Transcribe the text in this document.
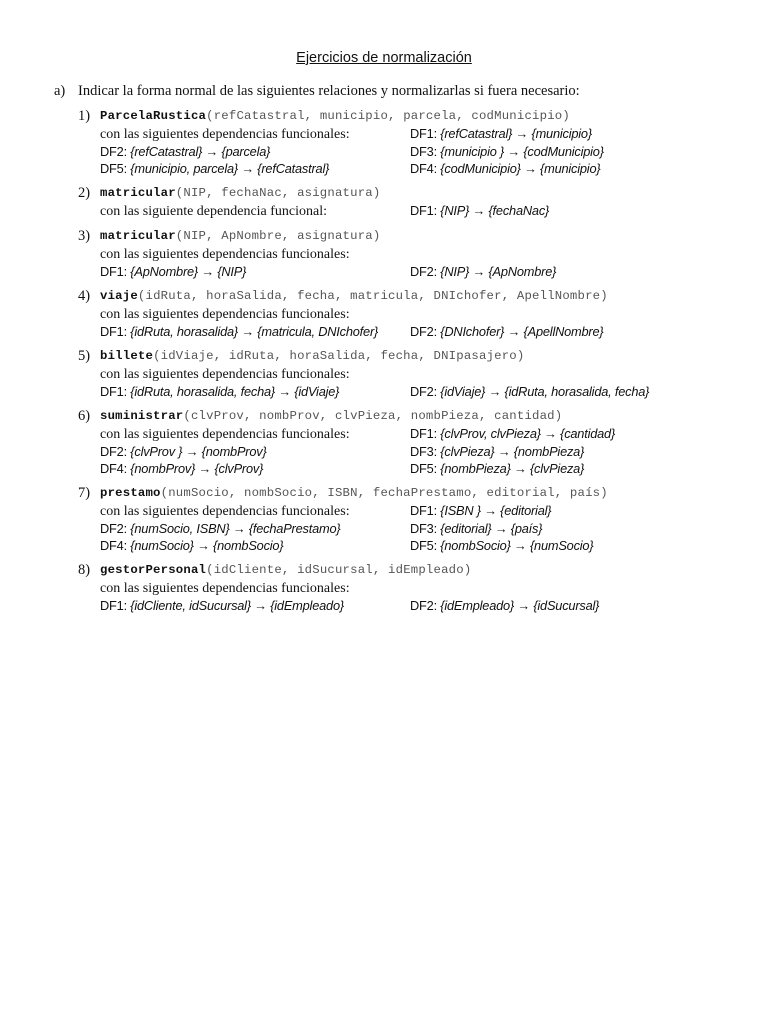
Ejercicios de normalización
a) Indicar la forma normal de las siguientes relaciones y normalizarlas si fuera necesario:
1) ParcelaRustica(refCatastral, municipio, parcela, codMunicipio)
con las siguientes dependencias funcionales:	DF1: {refCatastral} → {municipio}
DF2: {refCatastral} → {parcela}	DF3: {municipio } → {codMunicipio}
DF5: {municipio, parcela} → {refCatastral}	DF4: {codMunicipio} → {municipio}
2) matricular(NIP, fechaNac, asignatura)
con las siguiente dependencia funcional:	DF1: {NIP} → {fechaNac}
3) matricular(NIP, ApNombre, asignatura)
con las siguientes dependencias funcionales:
DF1: {ApNombre} → {NIP}	DF2: {NIP} → {ApNombre}
4) viaje(idRuta, horaSalida, fecha, matricula, DNIchofer, ApellNombre)
con las siguientes dependencias funcionales:
DF1: {idRuta, horasalida} → {matricula, DNIchofer}	DF2: {DNIchofer} → {ApellNombre}
5) billete(idViaje, idRuta, horaSalida, fecha, DNIpasajero)
con las siguientes dependencias funcionales:
DF1: {idRuta, horasalida, fecha} → {idViaje}	DF2: {idViaje} → {idRuta, horasalida, fecha}
6) suministrar(clvProv, nombProv, clvPieza, nombPieza, cantidad)
con las siguientes dependencias funcionales:	DF1: {clvProv, clvPieza} → {cantidad}
DF2: {clvProv } → {nombProv}	DF3: {clvPieza} → {nombPieza}
DF4: {nombProv} → {clvProv}	DF5: {nombPieza} → {clvPieza}
7) prestamo(numSocio, nombSocio, ISBN, fechaPrestamo, editorial, país)
con las siguientes dependencias funcionales:	DF1: {ISBN } → {editorial}
DF2: {numSocio, ISBN} → {fechaPrestamo}	DF3: {editorial} → {país}
DF4: {numSocio} → {nombSocio}	DF5: {nombSocio} → {numSocio}
8) gestorPersonal(idCliente, idSucursal, idEmpleado)
con las siguientes dependencias funcionales:
DF1: {idCliente, idSucursal} → {idEmpleado}	DF2: {idEmpleado} → {idSucursal}
